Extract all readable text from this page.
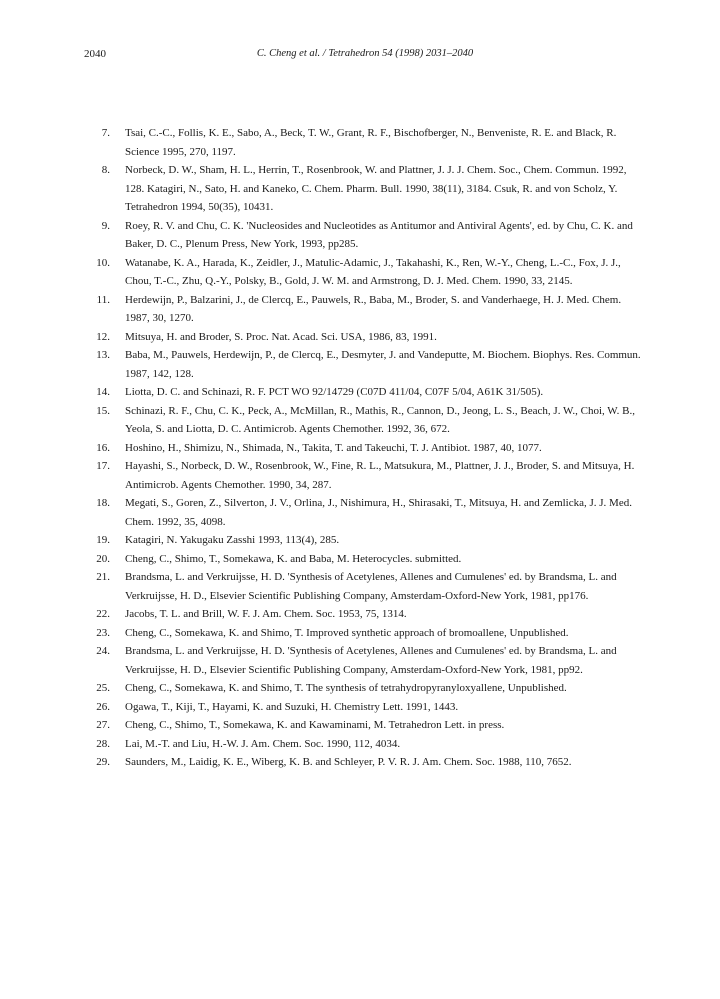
2040	C. Cheng et al. / Tetrahedron 54 (1998) 2031–2040
7. Tsai, C.-C., Follis, K. E., Sabo, A., Beck, T. W., Grant, R. F., Bischofberger, N., Benveniste, R. E. and Black, R. Science 1995, 270, 1197.
8. Norbeck, D. W., Sham, H. L., Herrin, T., Rosenbrook, W. and Plattner, J. J. J. Chem. Soc., Chem. Commun. 1992, 128. Katagiri, N., Sato, H. and Kaneko, C. Chem. Pharm. Bull. 1990, 38(11), 3184. Csuk, R. and von Scholz, Y. Tetrahedron 1994, 50(35), 10431.
9. Roey, R. V. and Chu, C. K. 'Nucleosides and Nucleotides as Antitumor and Antiviral Agents', ed. by Chu, C. K. and Baker, D. C., Plenum Press, New York, 1993, pp285.
10. Watanabe, K. A., Harada, K., Zeidler, J., Matulic-Adamic, J., Takahashi, K., Ren, W.-Y., Cheng, L.-C., Fox, J. J., Chou, T.-C., Zhu, Q.-Y., Polsky, B., Gold, J. W. M. and Armstrong, D. J. Med. Chem. 1990, 33, 2145.
11. Herdewijn, P., Balzarini, J., de Clercq, E., Pauwels, R., Baba, M., Broder, S. and Vanderhaege, H. J. Med. Chem. 1987, 30, 1270.
12. Mitsuya, H. and Broder, S. Proc. Nat. Acad. Sci. USA, 1986, 83, 1991.
13. Baba, M., Pauwels, Herdewijn, P., de Clercq, E., Desmyter, J. and Vandeputte, M. Biochem. Biophys. Res. Commun. 1987, 142, 128.
14. Liotta, D. C. and Schinazi, R. F. PCT WO 92/14729 (C07D 411/04, C07F 5/04, A61K 31/505).
15. Schinazi, R. F., Chu, C. K., Peck, A., McMillan, R., Mathis, R., Cannon, D., Jeong, L. S., Beach, J. W., Choi, W. B., Yeola, S. and Liotta, D. C. Antimicrob. Agents Chemother. 1992, 36, 672.
16. Hoshino, H., Shimizu, N., Shimada, N., Takita, T. and Takeuchi, T. J. Antibiot. 1987, 40, 1077.
17. Hayashi, S., Norbeck, D. W., Rosenbrook, W., Fine, R. L., Matsukura, M., Plattner, J. J., Broder, S. and Mitsuya, H. Antimicrob. Agents Chemother. 1990, 34, 287.
18. Megati, S., Goren, Z., Silverton, J. V., Orlina, J., Nishimura, H., Shirasaki, T., Mitsuya, H. and Zemlicka, J. J. Med. Chem. 1992, 35, 4098.
19. Katagiri, N. Yakugaku Zasshi 1993, 113(4), 285.
20. Cheng, C., Shimo, T., Somekawa, K. and Baba, M. Heterocycles. submitted.
21. Brandsma, L. and Verkruijsse, H. D. 'Synthesis of Acetylenes, Allenes and Cumulenes' ed. by Brandsma, L. and Verkruijsse, H. D., Elsevier Scientific Publishing Company, Amsterdam-Oxford-New York, 1981, pp176.
22. Jacobs, T. L. and Brill, W. F. J. Am. Chem. Soc. 1953, 75, 1314.
23. Cheng, C., Somekawa, K. and Shimo, T. Improved synthetic approach of bromoallene, Unpublished.
24. Brandsma, L. and Verkruijsse, H. D. 'Synthesis of Acetylenes, Allenes and Cumulenes' ed. by Brandsma, L. and Verkruijsse, H. D., Elsevier Scientific Publishing Company, Amsterdam-Oxford-New York, 1981, pp92.
25. Cheng, C., Somekawa, K. and Shimo, T. The synthesis of tetrahydropyranyloxyallene, Unpublished.
26. Ogawa, T., Kiji, T., Hayami, K. and Suzuki, H. Chemistry Lett. 1991, 1443.
27. Cheng, C., Shimo, T., Somekawa, K. and Kawaminami, M. Tetrahedron Lett. in press.
28. Lai, M.-T. and Liu, H.-W. J. Am. Chem. Soc. 1990, 112, 4034.
29. Saunders, M., Laidig, K. E., Wiberg, K. B. and Schleyer, P. V. R. J. Am. Chem. Soc. 1988, 110, 7652.
